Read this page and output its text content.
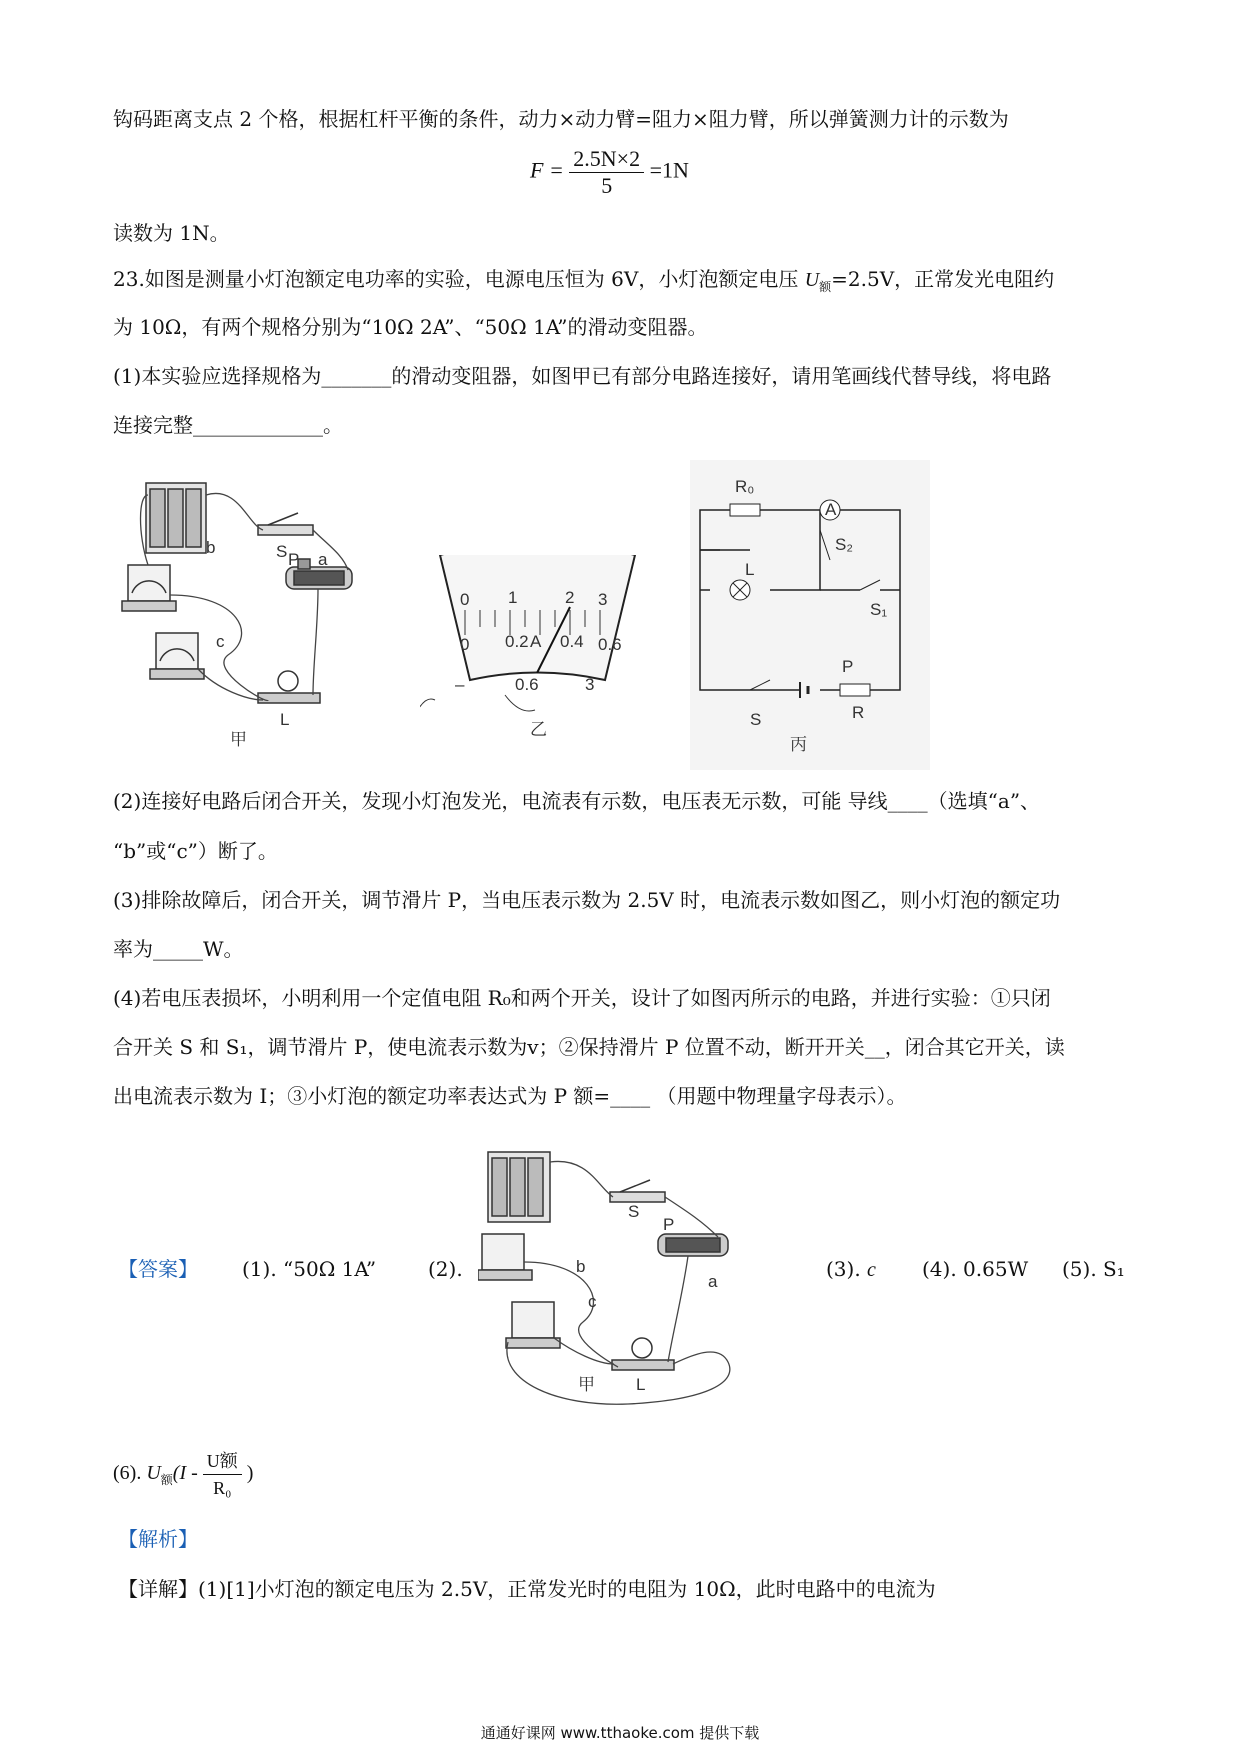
钩码距离支点 2 个格，根据杠杆平衡的条件，动力×动力臂=阻力×阻力臂，所以弹簧测力计的示数为
$F = \frac{2.5N\times 2}{5} =1N$
读数为 1N。
23.如图是测量小灯泡额定电功率的实验，电源电压恒为 6V，小灯泡额定电压 $U_额=2.5V$，正常发光电阻约
为 10Ω，有两个规格分别为“10Ω 2A”、“50Ω 1A”的滑动变阻器。
(1)本实验应选择规格为_______的滑动变阻器，如图甲已有部分电路连接好，请用笔画线代替导线，将电路
连接完整_____________。
S P
b
a
c
L
甲
0 1	2 3
0 0.2 0.4 0.6
A
–	0.6	3
乙
R₀
A
L
S₂
S₁
S
P
R
丙
(2)连接好电路后闭合开关，发现小灯泡发光，电流表有示数，电压表无示数，可能 导线____（选填“a”、
“b”或“c”）断了。
(3)排除故障后，闭合开关，调节滑片 P，当电压表示数为 2.5V 时，电流表示数如图乙，则小灯泡的额定功
率为_____W。
(4)若电压表损坏，小明利用一个定值电阻 R₀和两个开关，设计了如图丙所示的电路，并进行实验：①只闭
合开关 S 和 S₁，调节滑片 P，使电流表示数为v；②保持滑片 P 位置不动，断开开关__，闭合其它开关，读
出电流表示数为 I；③小灯泡的额定功率表达式为 P 额=____ （用题中物理量字母表示）。
【答案】 (1). “50Ω 1A”	(2).
S
P
a
b
c
L
甲
(3). c (4). 0.65W (5). S₁
(6). $U_额(I - \frac{\text{U额}}{\text{R₀}}$ )
【解析】
【详解】(1)[1]小灯泡的额定电压为 2.5V，正常发光时的电阻为 10Ω，此时电路中的电流为
通通好课网 www.tthaoke.com 提供下载
